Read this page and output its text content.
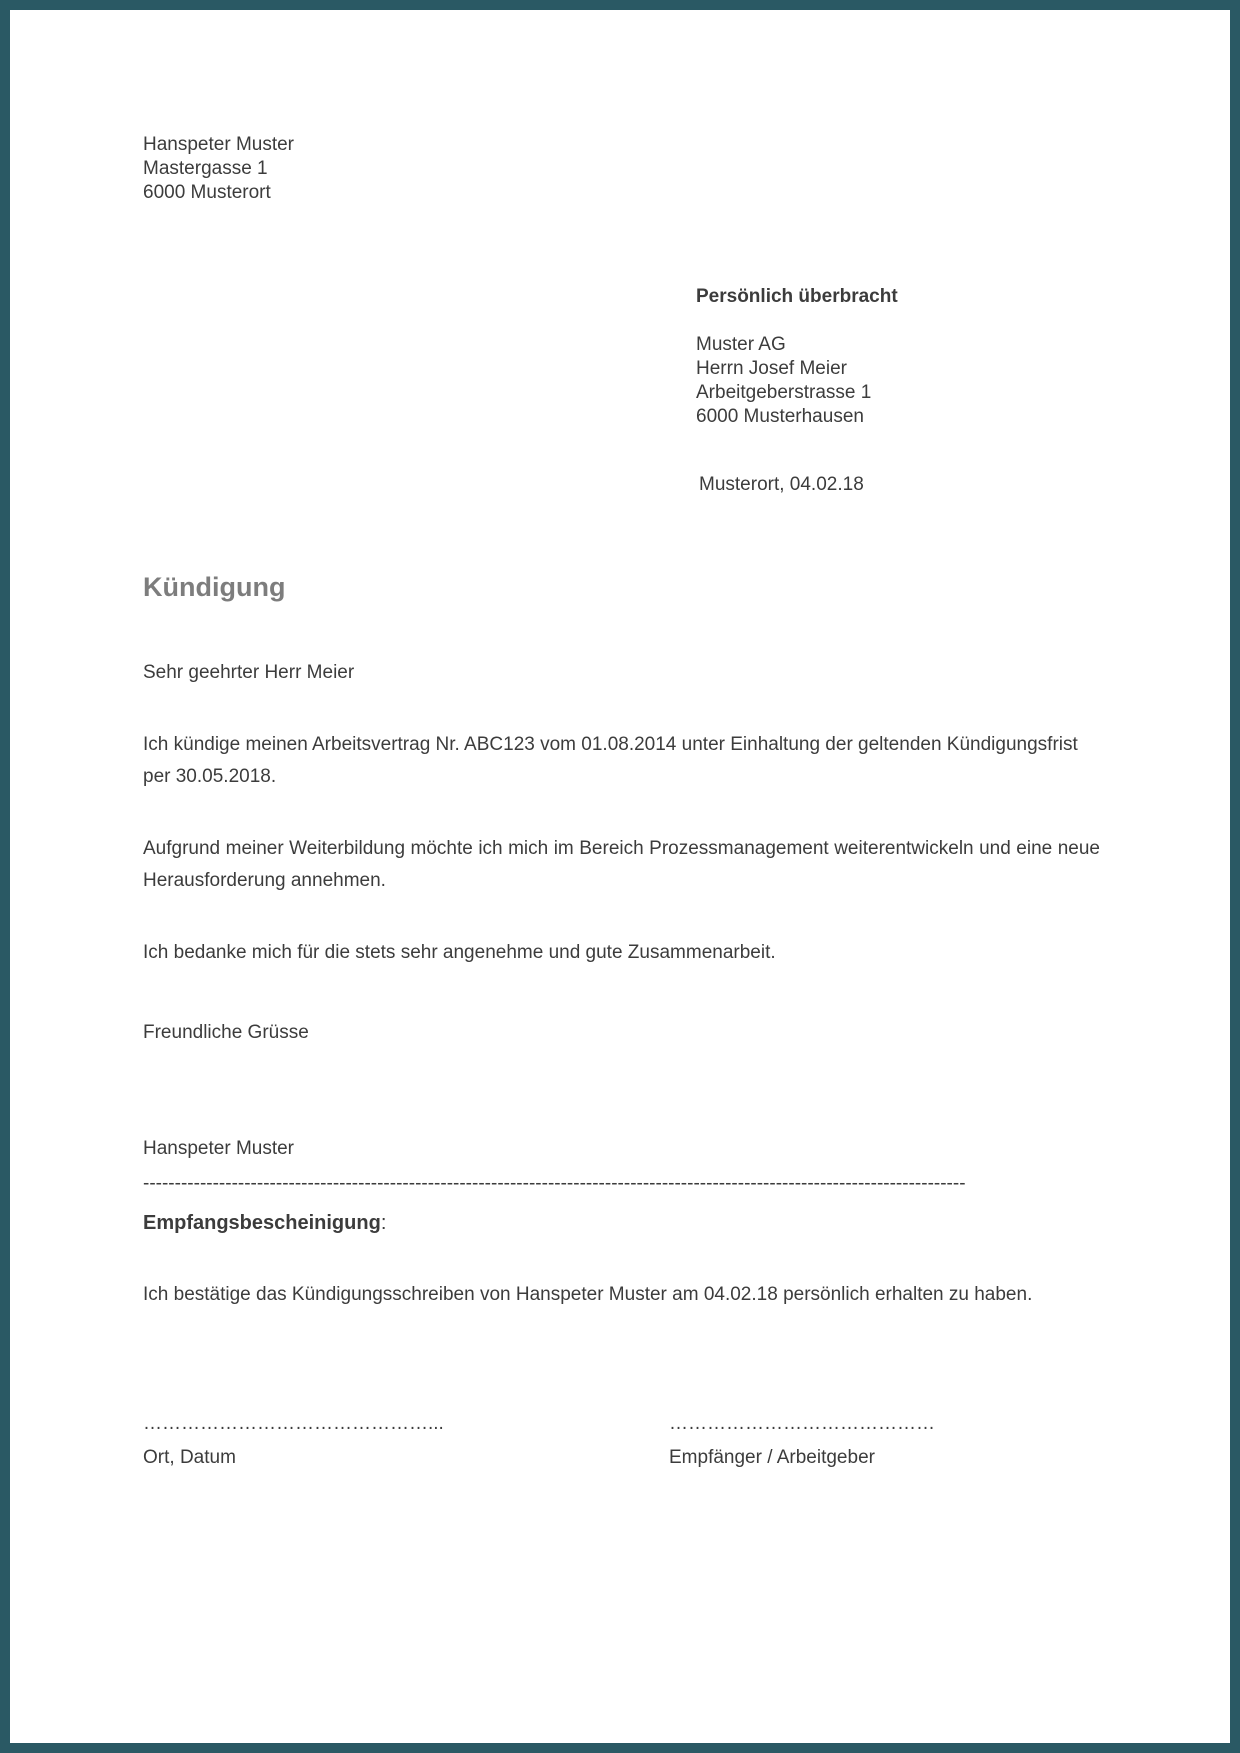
Hanspeter Muster
Mastergasse 1
6000 Musterort
Persönlich überbracht
Muster AG
Herrn Josef Meier
Arbeitgeberstrasse 1
6000 Musterhausen
Musterort, 04.02.18
Kündigung
Sehr geehrter Herr Meier

Ich kündige meinen Arbeitsvertrag Nr. ABC123 vom 01.08.2014 unter Einhaltung der geltenden Kündigungsfrist per 30.05.2018.

Aufgrund meiner Weiterbildung möchte ich mich im Bereich Prozessmanagement weiterentwickeln und eine neue Herausforderung annehmen.

Ich bedanke mich für die stets sehr angenehme und gute Zusammenarbeit.

Freundliche Grüsse
Hanspeter Muster
----------------------------------------------------------------------------------------------------------------------------------
Empfangsbescheinigung:

Ich bestätige das Kündigungsschreiben von Hanspeter Muster am 04.02.18 persönlich erhalten zu haben.

………………………………………...
Ort, Datum
……………………………………
Empfänger / Arbeitgeber
